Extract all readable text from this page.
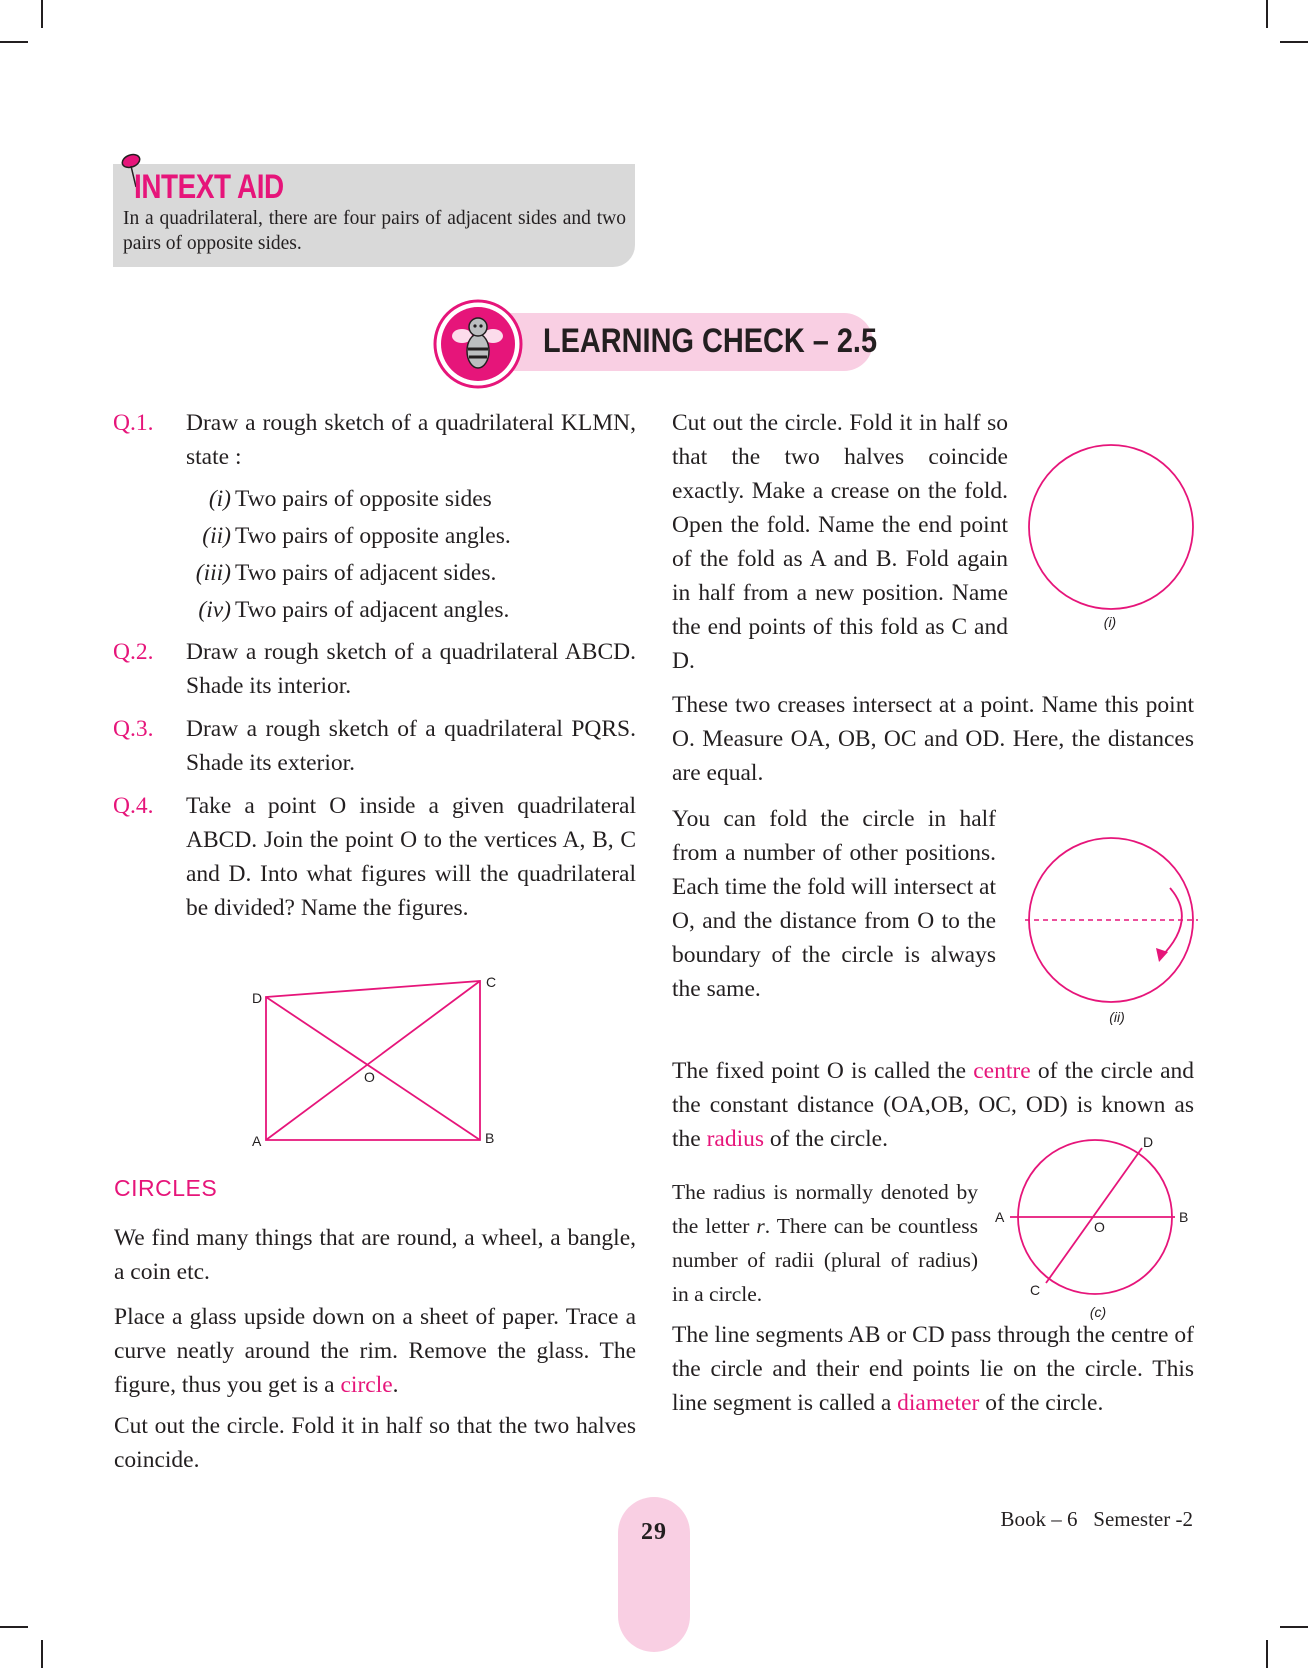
INTEXT AID
In a quadrilateral, there are four pairs of adjacent sides and two pairs of opposite sides.
LEARNING CHECK – 2.5
Q.1. Draw a rough sketch of a quadrilateral KLMN, state :

(i) Two pairs of opposite sides
(ii) Two pairs of opposite angles.
(iii) Two pairs of adjacent sides.
(iv) Two pairs of adjacent angles.
Q.2. Draw a rough sketch of a quadrilateral ABCD. Shade its interior.

Q.3. Draw a rough sketch of a quadrilateral PQRS. Shade its exterior.

Q.4. Take a point O inside a given quadrilateral ABCD. Join the point O to the vertices A, B, C and D. Into what figures will the quadrilateral be divided? Name the figures.

D
C
O
A	B
CIRCLES

We find many things that are round, a wheel, a bangle, a coin etc.

Place a glass upside down on a sheet of paper. Trace a curve neatly around the rim. Remove the glass. The figure, thus you get is a circle.

Cut out the circle. Fold it in half so that the two halves coincide.

Cut out the circle. Fold it in half so that the two halves coincide exactly. Make a crease on the fold. Open the fold. Name the end point of the fold as A and B. Fold again in half from a new position. Name the end points of this fold as C and D.

(i)

These two creases intersect at a point. Name this point O. Measure OA, OB, OC and OD. Here, the distances are equal.

You can fold the circle in half from a number of other positions. Each time the fold will intersect at O, and the distance from O to the boundary of the circle is always the same.

(ii)

The fixed point O is called the centre of the circle and the constant distance (OA,OB, OC, OD) is known as the radius of the circle.

The radius is normally denoted by the letter r. There can be countless number of radii (plural of radius) in a circle.

A	B
C
D
O
(c)

The line segments AB or CD pass through the centre of the circle and their end points lie on the circle. This line segment is called a diameter of the circle.

29	Book – 6   Semester -2
